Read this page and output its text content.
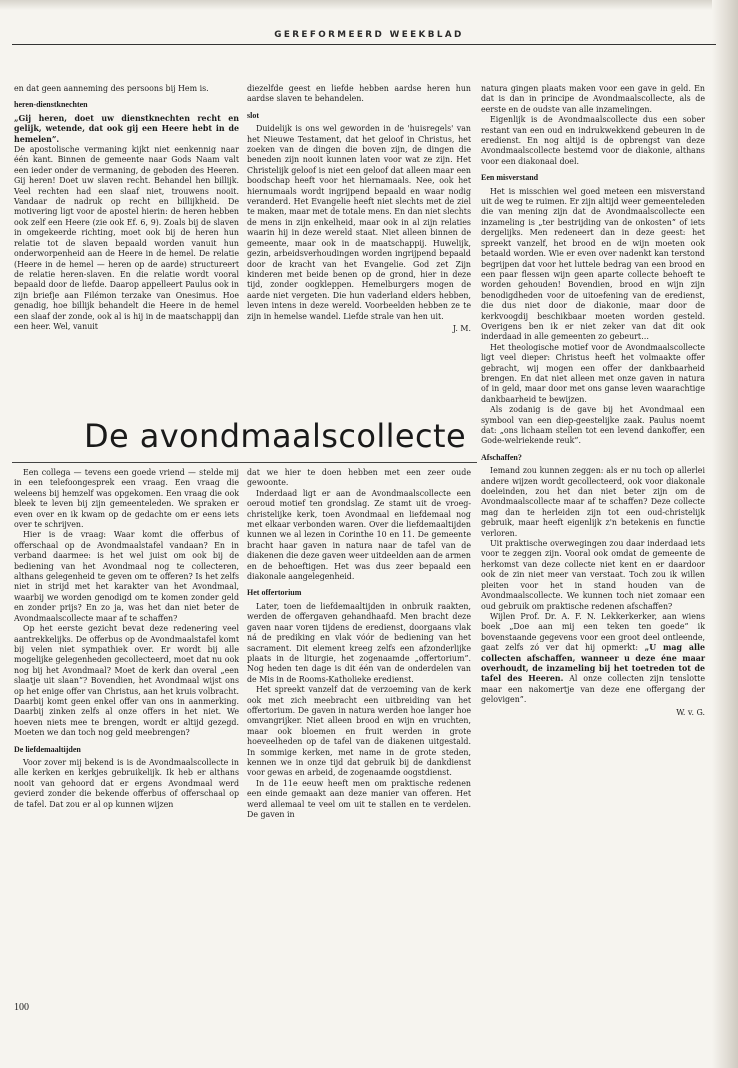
GEREFORMEERD WEEKBLAD

en dat geen aanneming des persoons bij Hem is.

heren-dienstknechten

„Gij heren, doet uw dienstknechten recht en gelijk, wetende, dat ook gij een Heere hebt in de hemelen”.

De apostolische vermaning kijkt niet eenkennig naar één kant. Binnen de gemeente naar Gods Naam valt een ieder onder de vermaning, de geboden des Heeren. Gij heren! Doet uw slaven recht. Behandel hen billijk. Veel rechten had een slaaf niet, trouwens nooit. Vandaar de nadruk op recht en billijkheid. De motivering ligt voor de apostel hierin: de heren hebben ook zelf een Heere (zie ook Ef. 6, 9). Zoals bij de slaven in omgekeerde richting, moet ook bij de heren hun relatie tot de slaven bepaald worden vanuit hun onderworpenheid aan de Heere in de hemel. De relatie (Heere in de hemel — heren op de aarde) structureert de relatie heren-slaven. En die relatie wordt vooral bepaald door de liefde. Daarop appelleert Paulus ook in zijn briefje aan Filémon terzake van Onesimus. Hoe genadig, hoe billijk behandelt die Heere in de hemel een slaaf der zonde, ook al is hij in de maatschappij dan een heer. Wel, vanuit

diezelfde geest en liefde hebben aardse heren hun aardse slaven te behandelen.

slot

Duidelijk is ons wel geworden in de 'huisregels' van het Nieuwe Testament, dat het geloof in Christus, het zoeken van de dingen die boven zijn, de dingen die beneden zijn nooit kunnen laten voor wat ze zijn. Het Christelijk geloof is niet een geloof dat alleen maar een boodschap heeft voor het hiernamaals. Nee, ook het hiernumaals wordt ingrijpend bepaald en waar nodig veranderd. Het Evangelie heeft niet slechts met de ziel te maken, maar met de totale mens. En dan niet slechts de mens in zijn enkelheid, maar ook in al zijn relaties waarin hij in deze wereld staat. Niet alleen binnen de gemeente, maar ook in de maatschappij. Huwelijk, gezin, arbeidsverhoudingen worden ingrijpend bepaald door de kracht van het Evangelie. God zet Zijn kinderen met beide benen op de grond, hier in deze tijd, zonder oogkleppen. Hemelburgers mogen de aarde niet vergeten. Die hun vaderland elders hebben, leven intens in deze wereld. Voorbeelden hebben ze te zijn in hemelse wandel. Liefde strale van hen uit.

J. M.
De avondmaalscollecte

Een collega — tevens een goede vriend — stelde mij in een telefoongesprek een vraag. Een vraag die weleens bij hemzelf was opgekomen. Een vraag die ook bleek te leven bij zijn gemeenteleden. We spraken er even over en ik kwam op de gedachte om er eens iets over te schrijven.

Hier is de vraag: Waar komt die offerbus of offerschaal op de Avondmaalstafel vandaan? En in verband daarmee: is het wel juist om ook bij de bediening van het Avondmaal nog te collecteren, althans gelegenheid te geven om te offeren? Is het zelfs niet in strijd met het karakter van het Avondmaal, waarbij we worden genodigd om te komen zonder geld en zonder prijs? En zo ja, was het dan niet beter de Avondmaalscollecte maar af te schaffen?

Op het eerste gezicht bevat deze redenering veel aantrekkelijks. De offerbus op de Avondmaalstafel komt bij velen niet sympathiek over. Er wordt bij alle mogelijke gelegenheden gecollecteerd, moet dat nu ook nog bij het Avondmaal? Moet de kerk dan overal „een slaatje uit slaan”? Bovendien, het Avondmaal wijst ons op het enige offer van Christus, aan het kruis volbracht. Daarbij komt geen enkel offer van ons in aanmerking. Daarbij zinken zelfs al onze offers in het niet. We hoeven niets mee te brengen, wordt er altijd gezegd. Moeten we dan toch nog geld meebrengen?

De liefdemaaltijden

Voor zover mij bekend is is de Avondmaalscollecte in alle kerken en kerkjes gebruikelijk. Ik heb er althans nooit van gehoord dat er ergens Avondmaal werd gevierd zonder die bekende offerbus of offerschaal op de tafel. Dat zou er al op kunnen wijzen

dat we hier te doen hebben met een zeer oude gewoonte.

Inderdaad ligt er aan de Avondmaalscollecte een oeroud motief ten grondslag. Ze stamt uit de vroeg-christelijke kerk, toen Avondmaal en liefdemaal nog met elkaar verbonden waren. Over die liefdemaaltijden kunnen we al lezen in Corinthe 10 en 11. De gemeente bracht haar gaven in natura naar de tafel van de diakenen die deze gaven weer uitdeelden aan de armen en de behoeftigen. Het was dus zeer bepaald een diakonale aangelegenheid.

Het offertorium

Later, toen de liefdemaaltijden in onbruik raakten, werden de offergaven gehandhaafd. Men bracht deze gaven naar voren tijdens de eredienst, doorgaans vlak ná de prediking en vlak vóór de bediening van het sacrament. Dit element kreeg zelfs een afzonderlijke plaats in de liturgie, het zogenaamde „offertorium”. Nog heden ten dage is dit één van de onderdelen van de Mis in de Rooms-Katholieke eredienst.

Het spreekt vanzelf dat de verzoeming van de kerk ook met zich meebracht een uitbreiding van het offertorium. De gaven in natura werden hoe langer hoe omvangrijker. Niet alleen brood en wijn en vruchten, maar ook bloemen en fruit werden in grote hoeveelheden op de tafel van de diakenen uitgestald. In sommige kerken, met name in de grote steden, kennen we in onze tijd dat gebruik bij de dankdienst voor gewas en arbeid, de zogenaamde oogstdienst.

In de 11e eeuw heeft men om praktische redenen een einde gemaakt aan deze manier van offeren. Het werd allemaal te veel om uit te stallen en te verdelen. De gaven in

natura gingen plaats maken voor een gave in geld. En dat is dan in principe de Avondmaalscollecte, als de eerste en de oudste van alle inzamelingen.

Eigenlijk is de Avondmaalscollecte dus een sober restant van een oud en indrukwekkend gebeuren in de eredienst. En nog altijd is de opbrengst van deze Avondmaalscollecte bestemd voor de diakonie, althans voor een diakonaal doel.

Een misverstand

Het is misschien wel goed meteen een misverstand uit de weg te ruimen. Er zijn altijd weer gemeenteleden die van mening zijn dat de Avondmaalscollecte een inzameling is „ter bestrijding van de onkosten” of iets dergelijks. Men redeneert dan in deze geest: het spreekt vanzelf, het brood en de wijn moeten ook betaald worden. Wie er even over nadenkt kan terstond begrijpen dat voor het luttele bedrag van een brood en een paar flessen wijn geen aparte collecte behoeft te worden gehouden! Bovendien, brood en wijn zijn benodigdheden voor de uitoefening van de eredienst, die dus niet door de diakonie, maar door de kerkvoogdij beschikbaar moeten worden gesteld. Overigens ben ik er niet zeker van dat dit ook inderdaad in alle gemeenten zo gebeurt…

Het theologische motief voor de Avondmaalscollecte ligt veel dieper: Christus heeft het volmaakte offer gebracht, wij mogen een offer der dankbaarheid brengen. En dat niet alleen met onze gaven in natura of in geld, maar door met ons ganse leven waarachtige dankbaarheid te bewijzen.

Als zodanig is de gave bij het Avondmaal een symbool van een diep-geestelijke zaak. Paulus noemt dat: „ons lichaam stellen tot een levend dankoffer, een Gode-welriekende reuk”.

Afschaffen?

Iemand zou kunnen zeggen: als er nu toch op allerlei andere wijzen wordt gecollecteerd, ook voor diakonale doeleinden, zou het dan niet beter zijn om de Avondmaalscollecte maar af te schaffen? Deze collecte mag dan te herleiden zijn tot een oud-christelijk gebruik, maar heeft eigenlijk z'n betekenis en functie verloren.

Uit praktische overwegingen zou daar inderdaad iets voor te zeggen zijn. Vooral ook omdat de gemeente de herkomst van deze collecte niet kent en er daardoor ook de zin niet meer van verstaat. Toch zou ik willen pleiten voor het in stand houden van de Avondmaalscollecte. We kunnen toch niet zomaar een oud gebruik om praktische redenen afschaffen?

Wijlen Prof. Dr. A. F. N. Lekkerkerker, aan wiens boek „Doe aan mij een teken ten goede” ik bovenstaande gegevens voor een groot deel ontleende, gaat zelfs zó ver dat hij opmerkt: „U mag alle collecten afschaffen, wanneer u deze éne maar overhoudt, de inzameling bij het toetreden tot de tafel des Heeren. Al onze collecten zijn tenslotte maar een nakomertje van deze ene offergang der gelovigen”.

W. v. G.
100
